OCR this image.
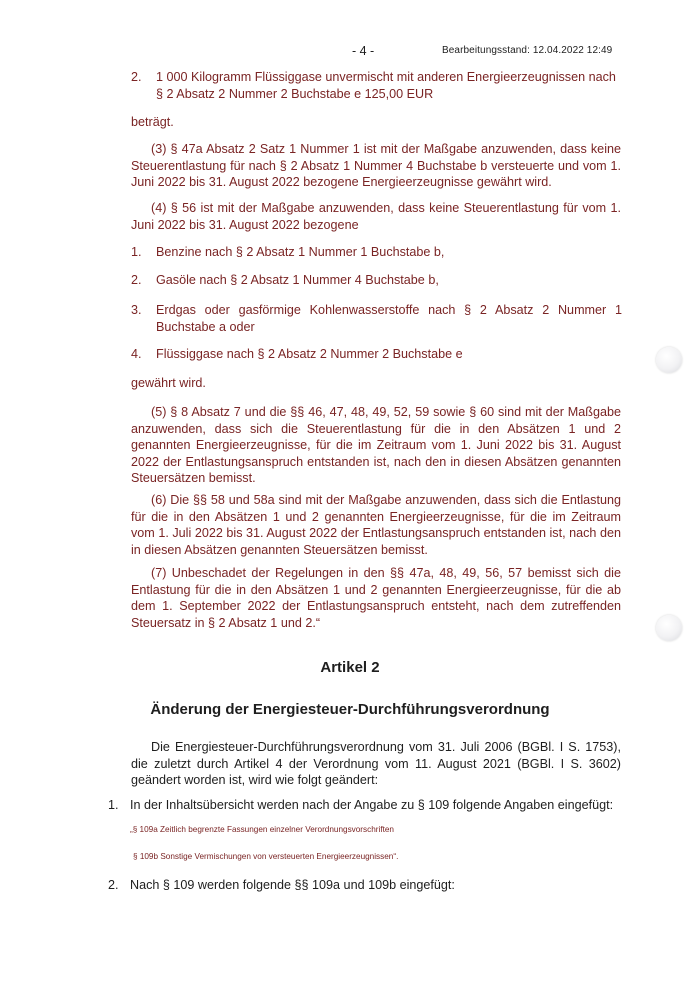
- 4 -	Bearbeitungsstand: 12.04.2022 12:49
2. 1 000 Kilogramm Flüssiggase unvermischt mit anderen Energieerzeugnissen nach § 2 Absatz 2 Nummer 2 Buchstabe e 125,00 EUR

beträgt.

(3) § 47a Absatz 2 Satz 1 Nummer 1 ist mit der Maßgabe anzuwenden, dass keine Steuerentlastung für nach § 2 Absatz 1 Nummer 4 Buchstabe b versteuerte und vom 1. Juni 2022 bis 31. August 2022 bezogene Energieerzeugnisse gewährt wird.

(4) § 56 ist mit der Maßgabe anzuwenden, dass keine Steuerentlastung für vom 1. Juni 2022 bis 31. August 2022 bezogene

1. Benzine nach § 2 Absatz 1 Nummer 1 Buchstabe b,

2. Gasöle nach § 2 Absatz 1 Nummer 4 Buchstabe b,

3. Erdgas oder gasförmige Kohlenwasserstoffe nach § 2 Absatz 2 Nummer 1 Buchstabe a oder

4. Flüssiggase nach § 2 Absatz 2 Nummer 2 Buchstabe e

gewährt wird.

(5) § 8 Absatz 7 und die §§ 46, 47, 48, 49, 52, 59 sowie § 60 sind mit der Maßgabe anzuwenden, dass sich die Steuerentlastung für die in den Absätzen 1 und 2 genannten Energieerzeugnisse, für die im Zeitraum vom 1. Juni 2022 bis 31. August 2022 der Entlastungsanspruch entstanden ist, nach den in diesen Absätzen genannten Steuersätzen bemisst.

(6) Die §§ 58 und 58a sind mit der Maßgabe anzuwenden, dass sich die Entlastung für die in den Absätzen 1 und 2 genannten Energieerzeugnisse, für die im Zeitraum vom 1. Juli 2022 bis 31. August 2022 der Entlastungsanspruch entstanden ist, nach den in diesen Absätzen genannten Steuersätzen bemisst.

(7) Unbeschadet der Regelungen in den §§ 47a, 48, 49, 56, 57 bemisst sich die Entlastung für die in den Absätzen 1 und 2 genannten Energieerzeugnisse, für die ab dem 1. September 2022 der Entlastungsanspruch entsteht, nach dem zutreffenden Steuersatz in § 2 Absatz 1 und 2.“

Artikel 2
Änderung der Energiesteuer-Durchführungsverordnung

Die Energiesteuer-Durchführungsverordnung vom 31. Juli 2006 (BGBl. I S. 1753), die zuletzt durch Artikel 4 der Verordnung vom 11. August 2021 (BGBl. I S. 3602) geändert worden ist, wird wie folgt geändert:

1. In der Inhaltsübersicht werden nach der Angabe zu § 109 folgende Angaben eingefügt:

„§ 109a Zeitlich begrenzte Fassungen einzelner Verordnungsvorschriften
§ 109b Sonstige Vermischungen von versteuerten Energieerzeugnissen“.
2. Nach § 109 werden folgende §§ 109a und 109b eingefügt:
